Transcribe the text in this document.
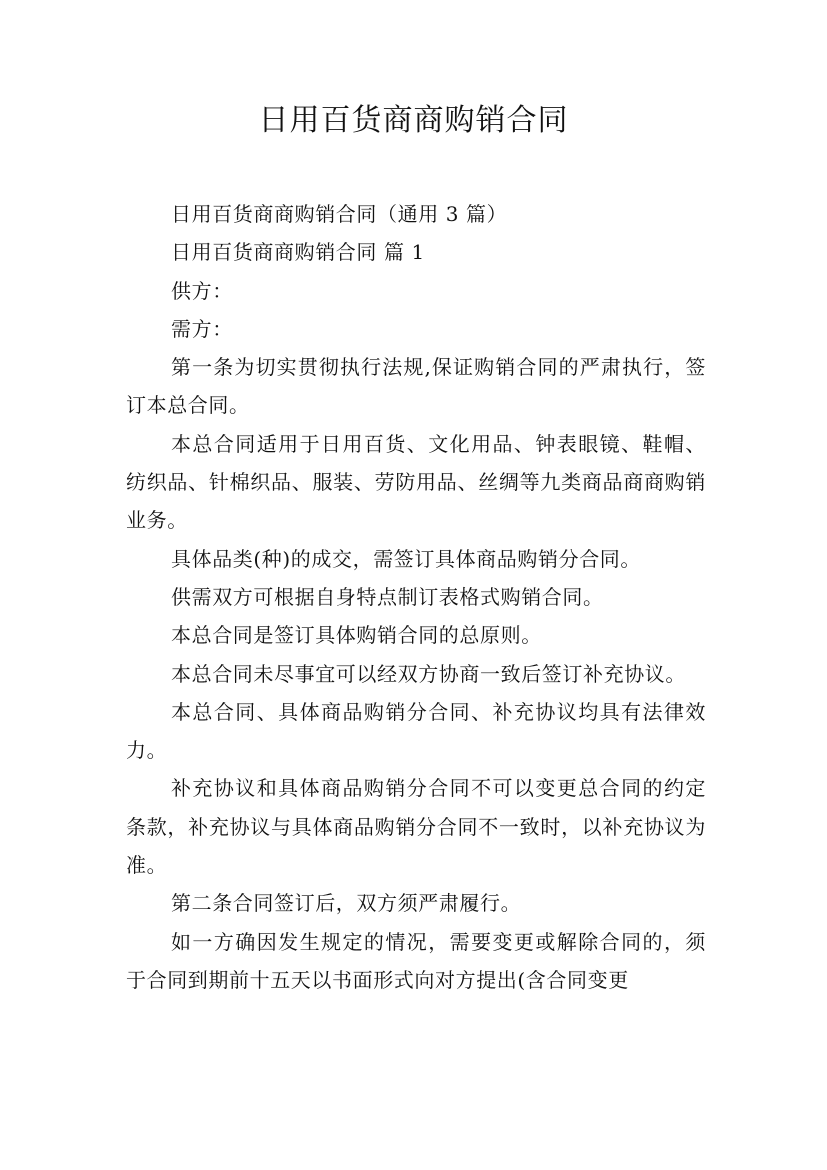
日用百货商商购销合同

日用百货商商购销合同（通用 3 篇）

日用百货商商购销合同 篇 1

供方：

需方：

第一条为切实贯彻执行法规,保证购销合同的严肃执行，签订本总合同。

本总合同适用于日用百货、文化用品、钟表眼镜、鞋帽、纺织品、针棉织品、服装、劳防用品、丝绸等九类商品商商购销业务。

具体品类(种)的成交，需签订具体商品购销分合同。

供需双方可根据自身特点制订表格式购销合同。

本总合同是签订具体购销合同的总原则。

本总合同未尽事宜可以经双方协商一致后签订补充协议。

本总合同、具体商品购销分合同、补充协议均具有法律效力。

补充协议和具体商品购销分合同不可以变更总合同的约定条款，补充协议与具体商品购销分合同不一致时，以补充协议为准。

第二条合同签订后，双方须严肃履行。

如一方确因发生规定的情况，需要变更或解除合同的，须于合同到期前十五天以书面形式向对方提出(含合同变更
